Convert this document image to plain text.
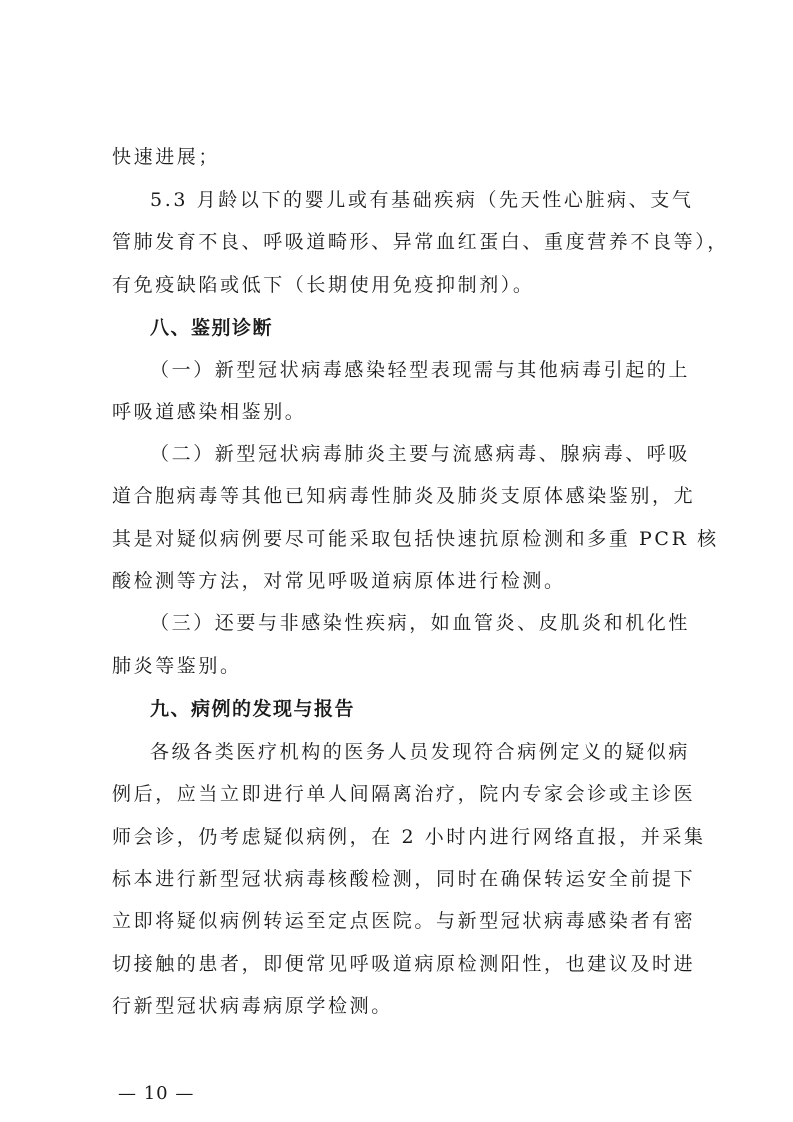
快速进展；
5.3 月龄以下的婴儿或有基础疾病（先天性心脏病、支气
管肺发育不良、呼吸道畸形、异常血红蛋白、重度营养不良等），
有免疫缺陷或低下（长期使用免疫抑制剂）。
八、鉴别诊断
（一）新型冠状病毒感染轻型表现需与其他病毒引起的上
呼吸道感染相鉴别。
（二）新型冠状病毒肺炎主要与流感病毒、腺病毒、呼吸
道合胞病毒等其他已知病毒性肺炎及肺炎支原体感染鉴别，尤
其是对疑似病例要尽可能采取包括快速抗原检测和多重 PCR 核
酸检测等方法，对常见呼吸道病原体进行检测。
（三）还要与非感染性疾病，如血管炎、皮肌炎和机化性
肺炎等鉴别。
九、病例的发现与报告
各级各类医疗机构的医务人员发现符合病例定义的疑似病
例后，应当立即进行单人间隔离治疗，院内专家会诊或主诊医
师会诊，仍考虑疑似病例，在 2 小时内进行网络直报，并采集
标本进行新型冠状病毒核酸检测，同时在确保转运安全前提下
立即将疑似病例转运至定点医院。与新型冠状病毒感染者有密
切接触的患者，即便常见呼吸道病原检测阳性，也建议及时进
行新型冠状病毒病原学检测。
— 10 —
